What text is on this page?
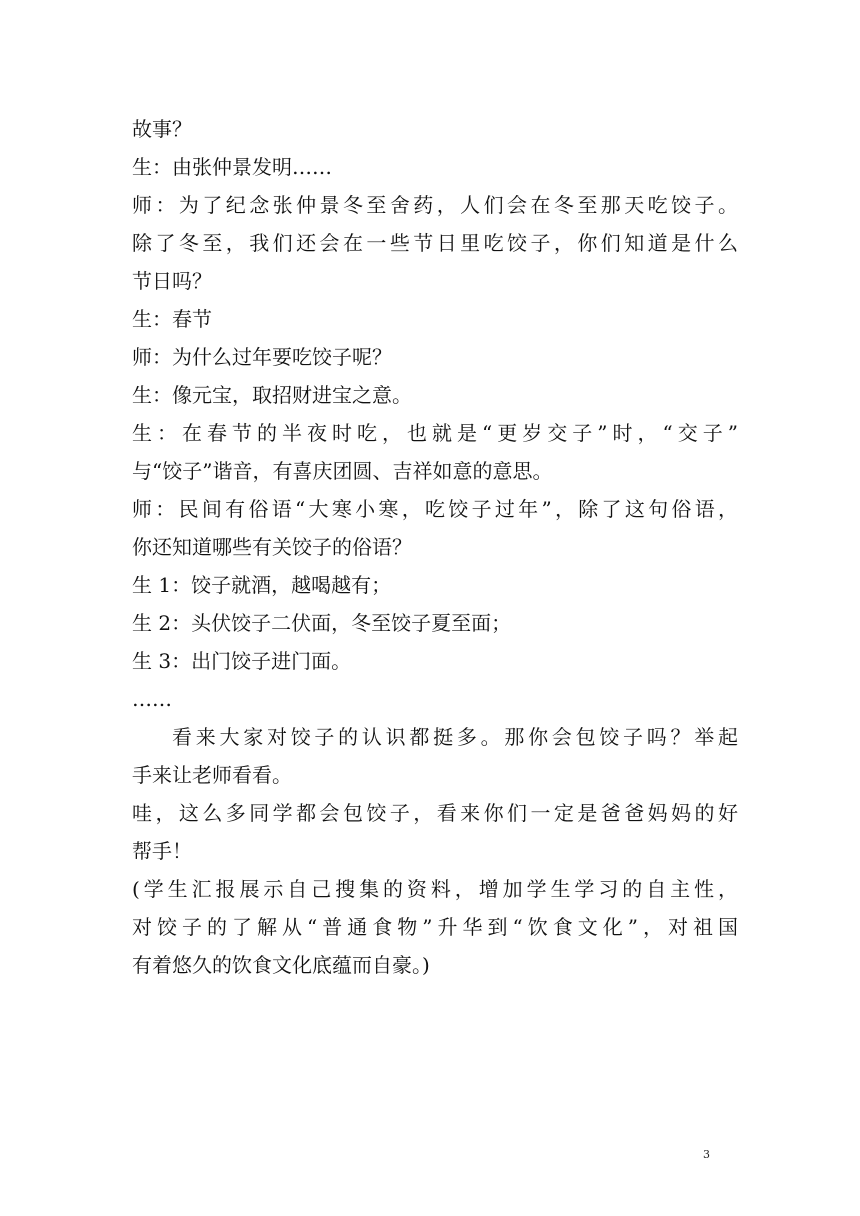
故事？
生：由张仲景发明……
师：为了纪念张仲景冬至舍药，人们会在冬至那天吃饺子。
除了冬至，我们还会在一些节日里吃饺子，你们知道是什么
节日吗？
生：春节
师：为什么过年要吃饺子呢？
生：像元宝，取招财进宝之意。
生：在春节的半夜时吃，也就是“更岁交子”时，“交子”
与“饺子”谐音，有喜庆团圆、吉祥如意的意思。
师：民间有俗语“大寒小寒，吃饺子过年”，除了这句俗语，
你还知道哪些有关饺子的俗语？
生 1：饺子就酒，越喝越有；
生 2：头伏饺子二伏面，冬至饺子夏至面；
生 3：出门饺子进门面。
……
看来大家对饺子的认识都挺多。那你会包饺子吗？举起
手来让老师看看。
哇，这么多同学都会包饺子，看来你们一定是爸爸妈妈的好
帮手！
(学生汇报展示自己搜集的资料，增加学生学习的自主性，
对饺子的了解从“普通食物”升华到“饮食文化”，对祖国
有着悠久的饮食文化底蕴而自豪。)
3
